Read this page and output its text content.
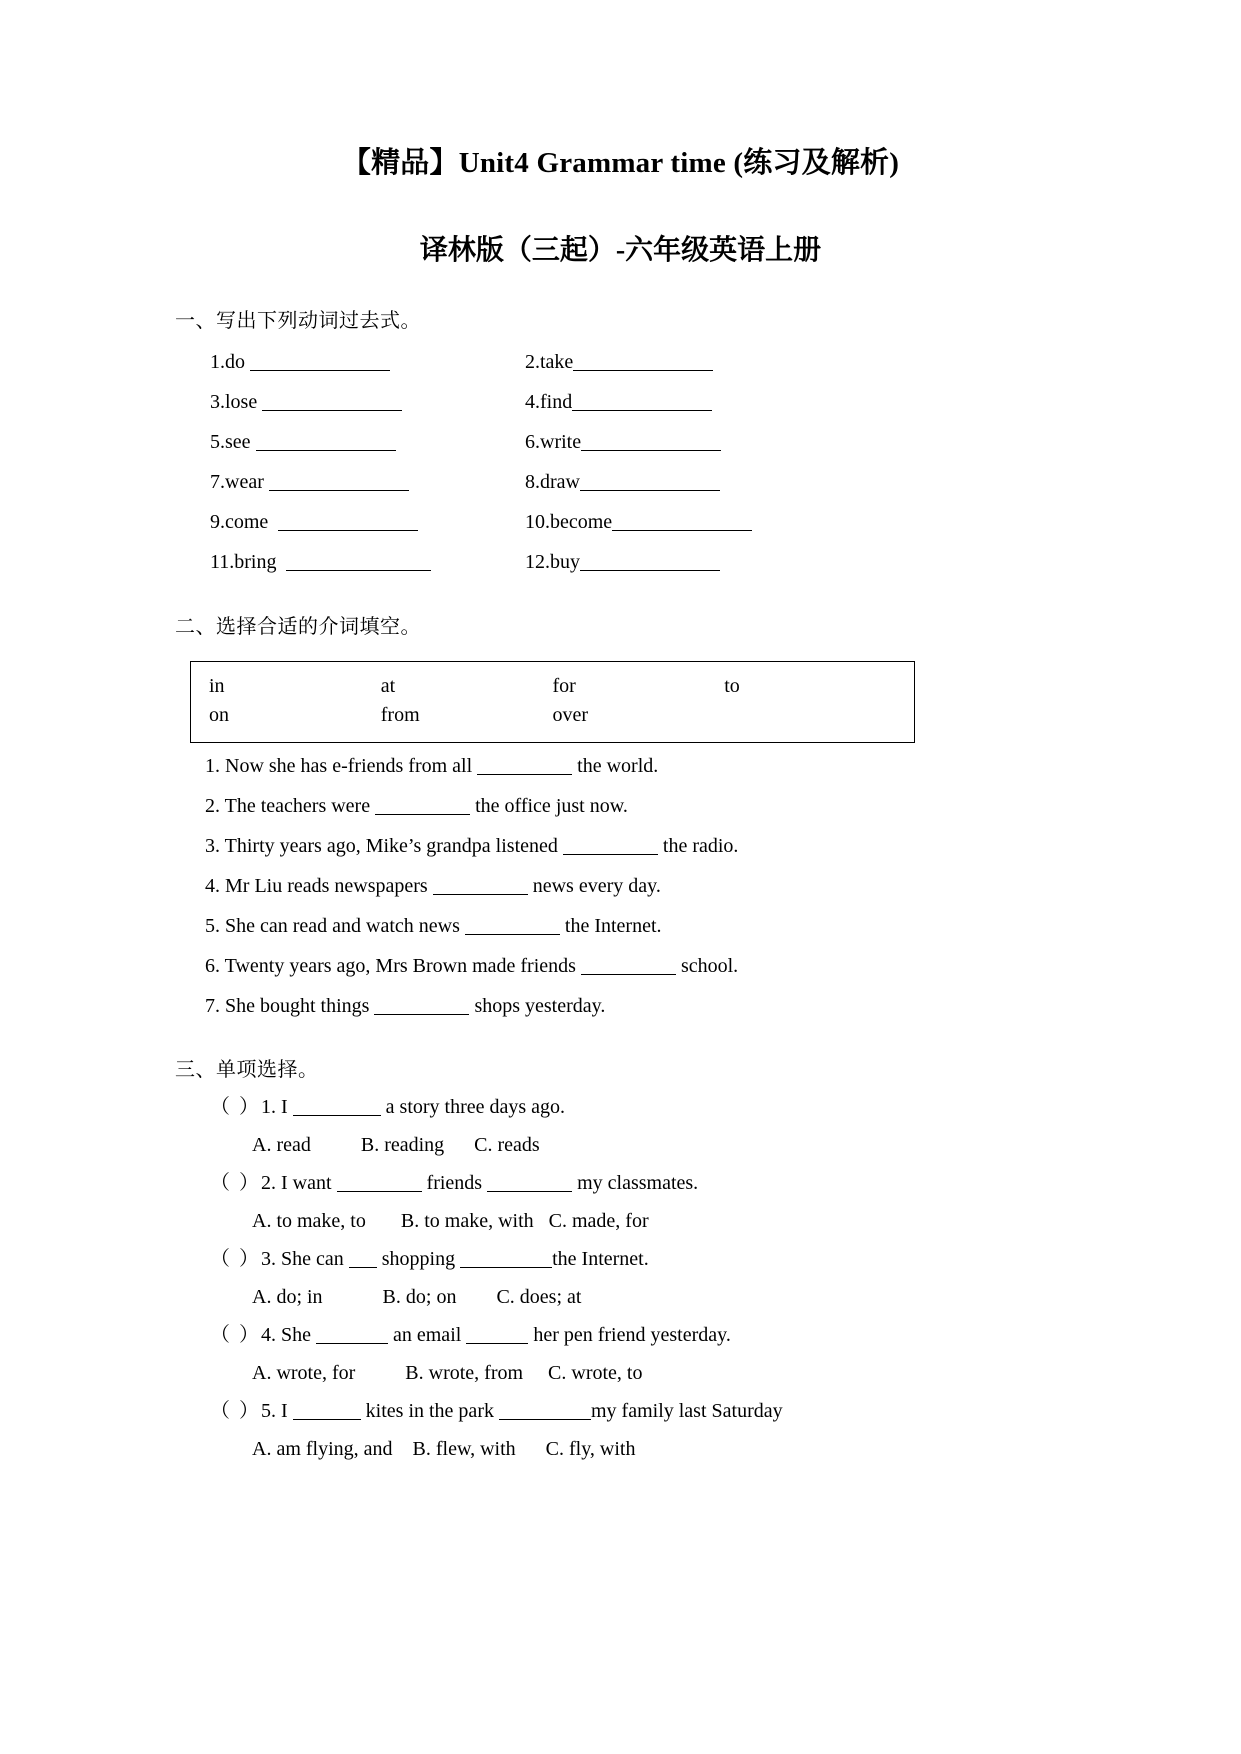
【精品】Unit4 Grammar time (练习及解析)
译林版（三起）-六年级英语上册
一、写出下列动词过去式。
1.do	2.take
3.lose	4.find
5.see	6.write
7.wear	8.draw
9.come	10.become
11.bring	12.buy
二、选择合适的介词填空。
in	at	for	to
on	from	over
1. Now she has e-friends from all	the world.
2. The teachers were	the office just now.
3. Thirty years ago, Mike’s grandpa listened	the radio.
4. Mr Liu reads newspapers	news every day.
5. She can read and watch news	the Internet.
6. Twenty years ago, Mrs Brown made friends	school.
7. She bought things	shops yesterday.
三、单项选择。
（ ）1. I	a story three days ago.
A. read          B. reading      C. reads
（ ）2. I want	friends	my classmates.
A. to make, to       B. to make, with   C. made, for
（ ）3. She can  shopping	the Internet.
A. do; in            B. do; on        C. does; at
（ ）4. She	an email	her pen friend yesterday.
A. wrote, for          B. wrote, from     C. wrote, to
（ ）5. I	kites in the park	my family last Saturday
A. am flying, and    B. flew, with      C. fly, with
